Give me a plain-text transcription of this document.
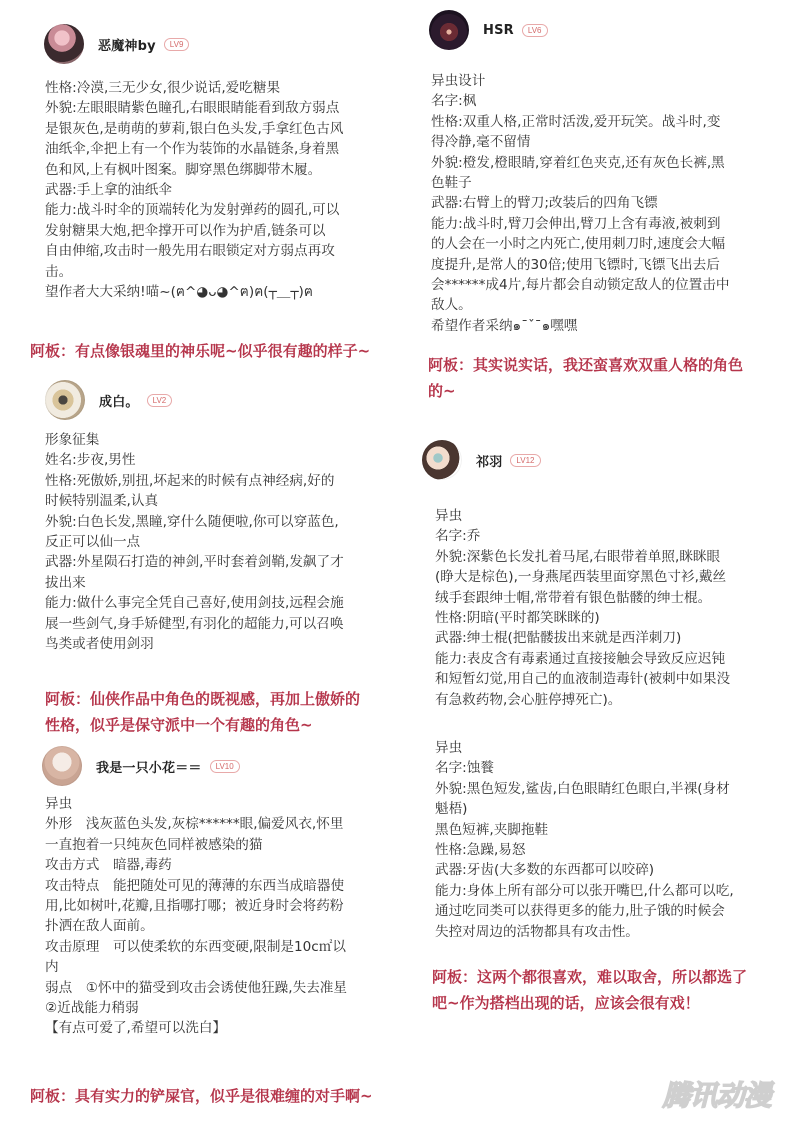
恶魔神by	LV9
性格:冷漠,三无少女,很少说话,爱吃糖果
外貌:左眼眼睛紫色瞳孔,右眼眼睛能看到敌方弱点
是银灰色,是萌萌的萝莉,银白色头发,手拿红色古风
油纸伞,伞把上有一个作为装饰的水晶链条,身着黑
色和风,上有枫叶图案。脚穿黑色绑脚带木履。
武器:手上拿的油纸伞
能力:战斗时伞的顶端转化为发射弹药的圆孔,可以
发射糖果大炮,把伞撑开可以作为护盾,链条可以
自由伸缩,攻击时一般先用右眼锁定对方弱点再攻
击。
望作者大大采纳!喵~(ฅ^◕ᴗ◕^ฅ)ฅ(┬＿┬)ฅ
阿板：有点像银魂里的神乐呢~似乎很有趣的样子~
成白。	LV2
形象征集
姓名:步夜,男性
性格:死傲娇,别扭,坏起来的时候有点神经病,好的
时候特别温柔,认真
外貌:白色长发,黑瞳,穿什么随便啦,你可以穿蓝色,
反正可以仙一点
武器:外星陨石打造的神剑,平时套着剑鞘,发飙了才
拔出来
能力:做什么事完全凭自己喜好,使用剑技,远程会施
展一些剑气,身手矫健型,有羽化的超能力,可以召唤
鸟类或者使用剑羽
阿板：仙侠作品中角色的既视感，再加上傲娇的
性格，似乎是保守派中一个有趣的角色~
我是一只小花＝＝	LV10
异虫
外形　浅灰蓝色头发,灰棕******眼,偏爱风衣,怀里
一直抱着一只纯灰色同样被感染的猫
攻击方式　暗器,毒药
攻击特点　能把随处可见的薄薄的东西当成暗器使
用,比如树叶,花瓣,且指哪打哪；被近身时会将药粉
扑洒在敌人面前。
攻击原理　可以使柔软的东西变硬,限制是10c㎡以
内
弱点　①怀中的猫受到攻击会诱使他狂躁,失去准星
②近战能力稍弱
【有点可爱了,希望可以洗白】
阿板：具有实力的铲屎官，似乎是很难缠的对手啊~
HSR	LV6
异虫设计
名字:枫
性格:双重人格,正常时活泼,爱开玩笑。战斗时,变
得冷静,毫不留情
外貌:橙发,橙眼睛,穿着红色夹克,还有灰色长裤,黑
色鞋子
武器:右臂上的臂刀;改装后的四角飞镖
能力:战斗时,臂刀会伸出,臂刀上含有毒液,被刺到
的人会在一小时之内死亡,使用刺刀时,速度会大幅
度提升,是常人的30倍;使用飞镖时,飞镖飞出去后
会******成4片,每片都会自动锁定敌人的位置击中
敌人。
希望作者采纳๑¯ˇ¯๑嘿嘿
阿板：其实说实话，我还蛮喜欢双重人格的角色
的~
祁羽	LV12
异虫
名字:乔
外貌:深紫色长发扎着马尾,右眼带着单照,眯眯眼
(睁大是棕色),一身燕尾西装里面穿黑色寸衫,戴丝
绒手套跟绅士帽,常带着有银色骷髅的绅士棍。
性格:阴暗(平时都笑眯眯的)
武器:绅士棍(把骷髅拔出来就是西洋刺刀)
能力:表皮含有毒素通过直接接触会导致反应迟钝
和短暂幻觉,用自己的血液制造毒针(被刺中如果没
有急救药物,会心脏停搏死亡)。
异虫
名字:蚀餮
外貌:黑色短发,鲨齿,白色眼睛红色眼白,半裸(身材
魁梧)
黑色短裤,夹脚拖鞋
性格:急躁,易怒
武器:牙齿(大多数的东西都可以咬碎)
能力:身体上所有部分可以张开嘴巴,什么都可以吃,
通过吃同类可以获得更多的能力,肚子饿的时候会
失控对周边的活物都具有攻击性。
阿板：这两个都很喜欢，难以取舍，所以都选了
吧~作为搭档出现的话，应该会很有戏！
腾讯动漫
